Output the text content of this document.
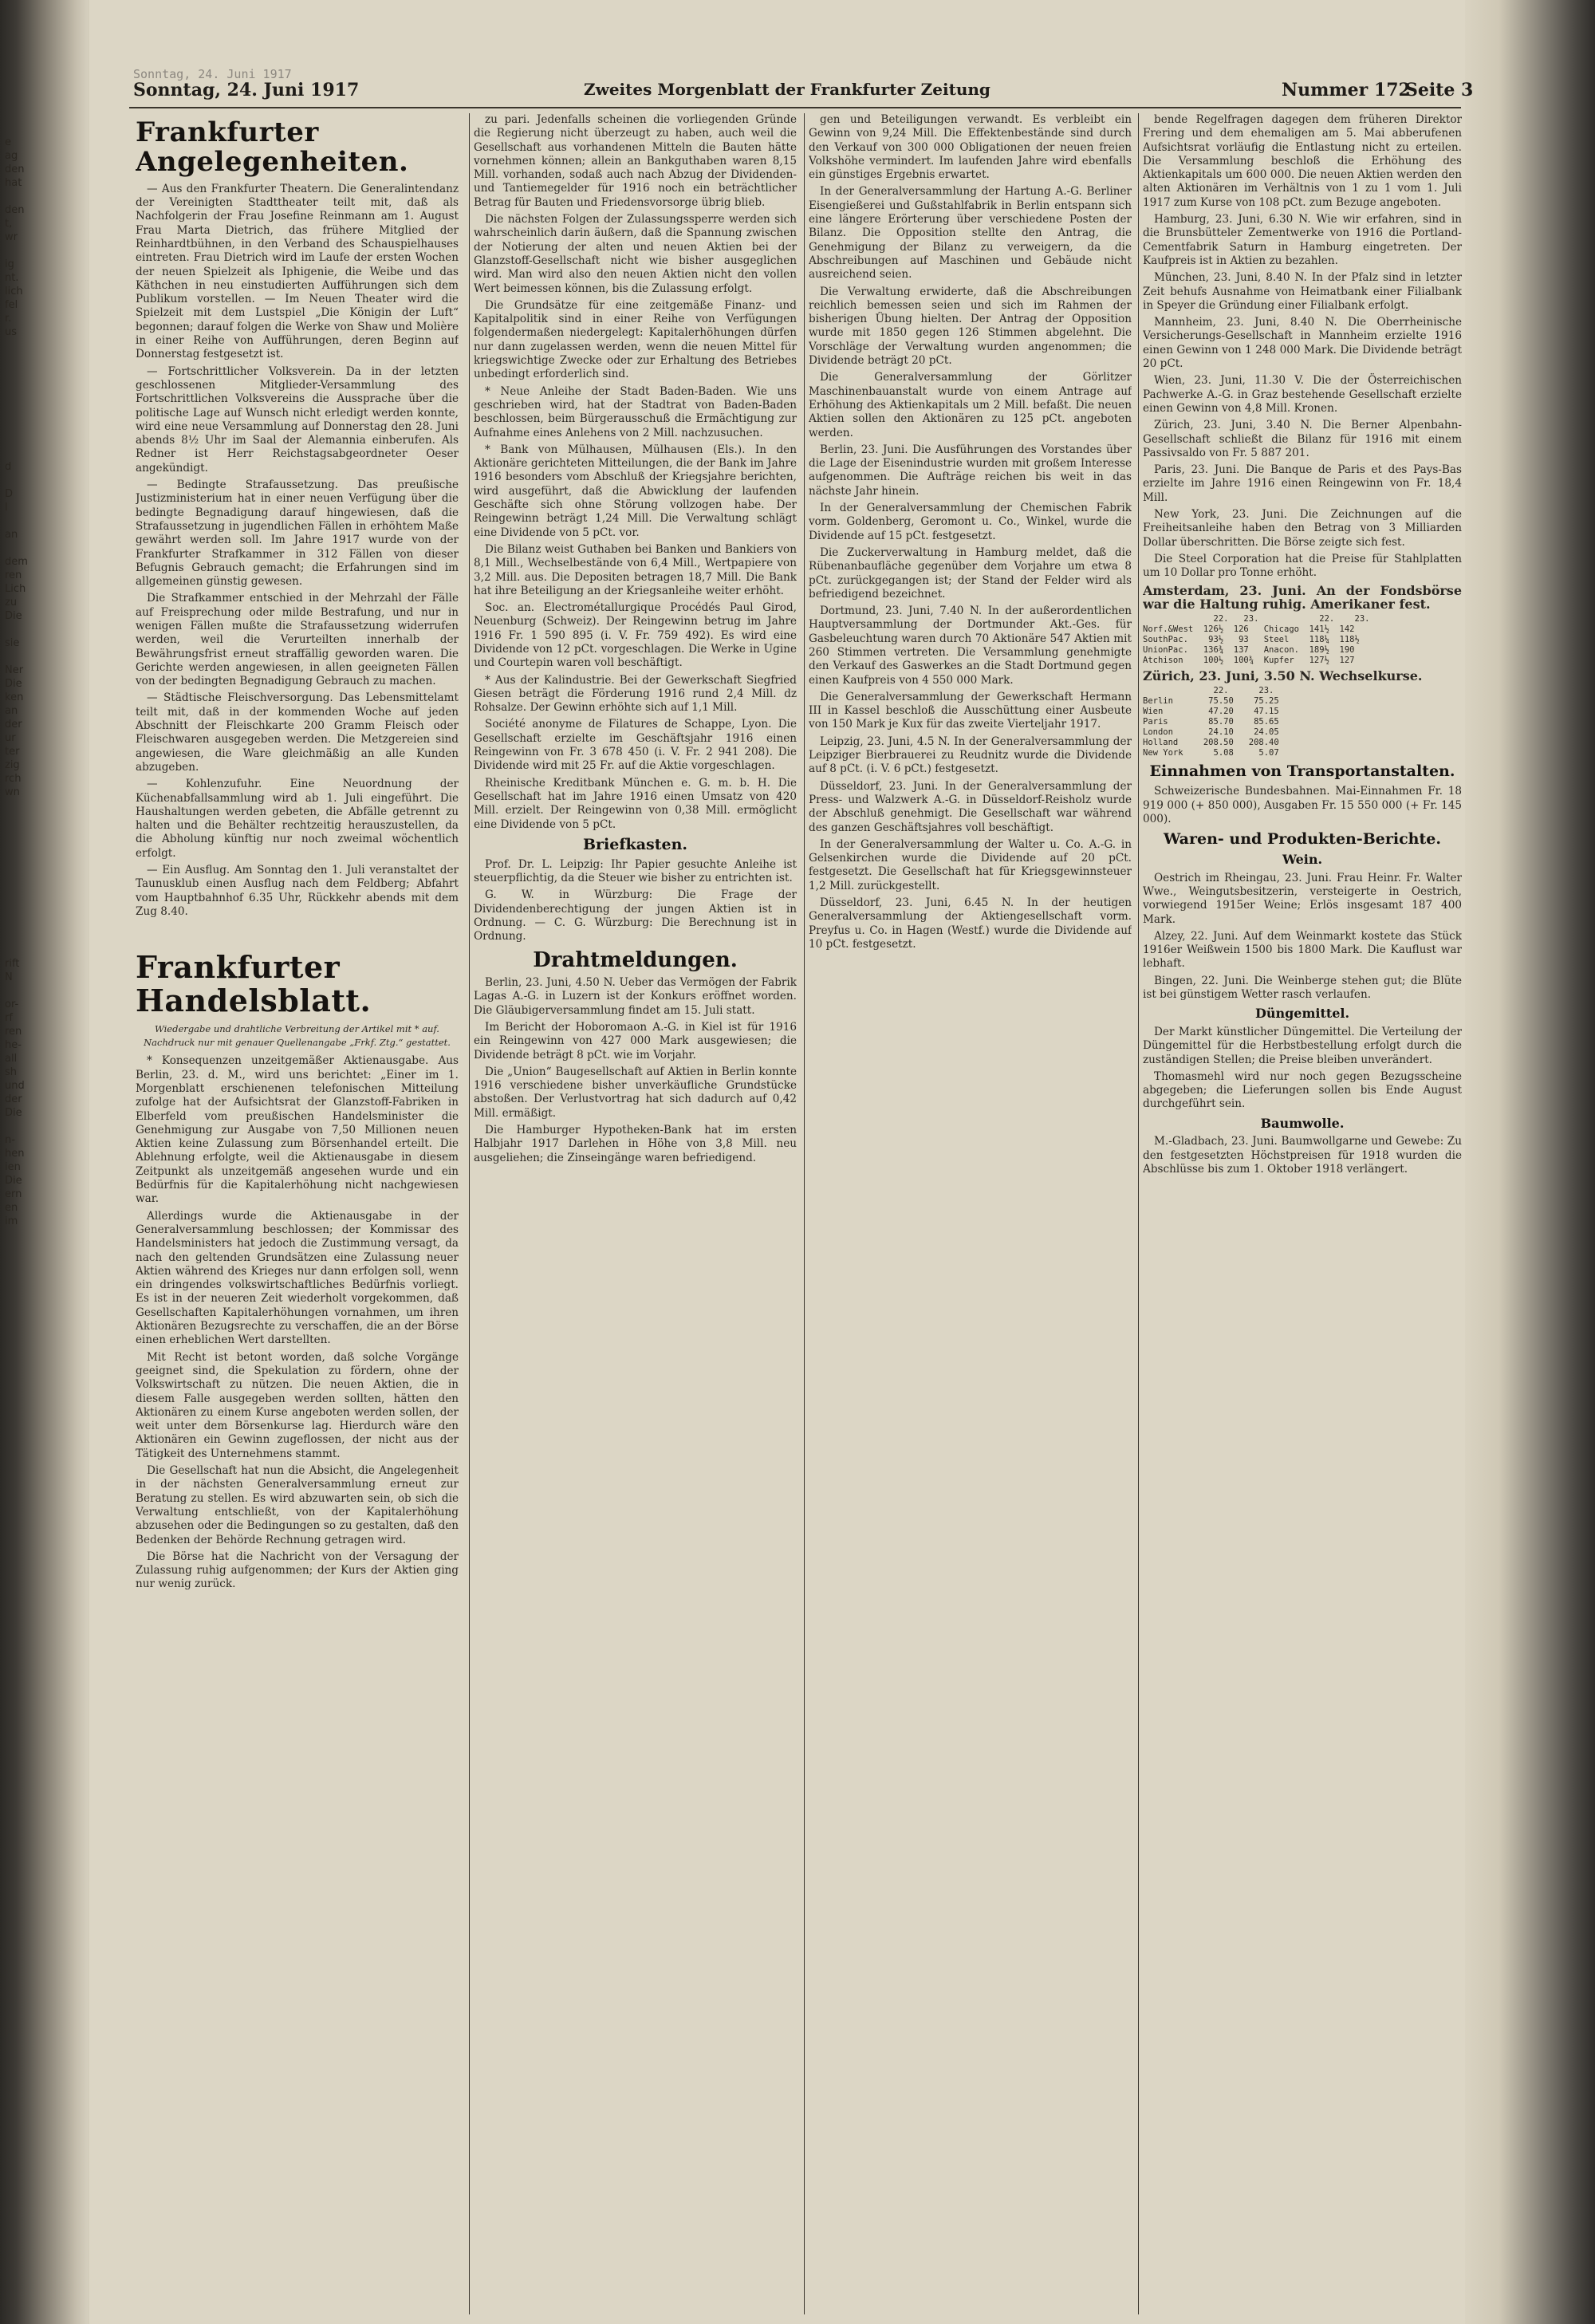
e
ag
den
hat

den
t,
wr

ig
nt.
lich
fel
r.
us

d

D
l

an

dem
ren
Lich
zu
Die

sie

Ner
Die
ken
an
der
ur
ter
zig
rch
wn
rift
N

or-
rf
ren
he-
all
sh
und
der
Die

n-
hen
ien
Die
ern
en
im
Sonntag, 24. Juni 1917
Sonntag, 24. Juni 1917	Zweites Morgenblatt der Frankfurter Zeitung	Nummer 172
Seite 3
Frankfurter Angelegenheiten.

— Aus den Frankfurter Theatern. Die Generalintendanz der Vereinigten Stadttheater teilt mit, daß als Nachfolgerin der Frau Josefine Reinmann am 1. August Frau Marta Dietrich, das frühere Mitglied der Reinhardtbühnen, in den Verband des Schauspielhauses eintreten. Frau Dietrich wird im Laufe der ersten Wochen der neuen Spielzeit als Iphigenie, die Weibe und das Käthchen in neu einstudierten Aufführungen sich dem Publikum vorstellen. — Im Neuen Theater wird die Spielzeit mit dem Lustspiel „Die Königin der Luft“ begonnen; darauf folgen die Werke von Shaw und Molière in einer Reihe von Aufführungen, deren Beginn auf Donnerstag festgesetzt ist.

— Fortschrittlicher Volksverein. Da in der letzten geschlossenen Mitglieder-Versammlung des Fortschrittlichen Volksvereins die Aussprache über die politische Lage auf Wunsch nicht erledigt werden konnte, wird eine neue Versammlung auf Donnerstag den 28. Juni abends 8½ Uhr im Saal der Alemannia einberufen. Als Redner ist Herr Reichstagsabgeordneter Oeser angekündigt.

— Bedingte Strafaussetzung. Das preußische Justizministerium hat in einer neuen Verfügung über die bedingte Begnadigung darauf hingewiesen, daß die Strafaussetzung in jugendlichen Fällen in erhöhtem Maße gewährt werden soll. Im Jahre 1917 wurde von der Frankfurter Strafkammer in 312 Fällen von dieser Befugnis Gebrauch gemacht; die Erfahrungen sind im allgemeinen günstig gewesen.

Die Strafkammer entschied in der Mehrzahl der Fälle auf Freisprechung oder milde Bestrafung, und nur in wenigen Fällen mußte die Strafaussetzung widerrufen werden, weil die Verurteilten innerhalb der Bewährungsfrist erneut straffällig geworden waren. Die Gerichte werden angewiesen, in allen geeigneten Fällen von der bedingten Begnadigung Gebrauch zu machen.

— Städtische Fleischversorgung. Das Lebensmittelamt teilt mit, daß in der kommenden Woche auf jeden Abschnitt der Fleischkarte 200 Gramm Fleisch oder Fleischwaren ausgegeben werden. Die Metzgereien sind angewiesen, die Ware gleichmäßig an alle Kunden abzugeben.

— Kohlenzufuhr. Eine Neuordnung der Küchenabfallsammlung wird ab 1. Juli eingeführt. Die Haushaltungen werden gebeten, die Abfälle getrennt zu halten und die Behälter rechtzeitig herauszustellen, da die Abholung künftig nur noch zweimal wöchentlich erfolgt.

— Ein Ausflug. Am Sonntag den 1. Juli veranstaltet der Taunusklub einen Ausflug nach dem Feldberg; Abfahrt vom Hauptbahnhof 6.35 Uhr, Rückkehr abends mit dem Zug 8.40.

Frankfurter Handelsblatt.
Wiedergabe und drahtliche Verbreitung der Artikel mit * auf. Nachdruck nur mit genauer Quellenangabe „Frkf. Ztg.“ gestattet.

* Konsequenzen unzeitgemäßer Aktienausgabe. Aus Berlin, 23. d. M., wird uns berichtet: „Einer im 1. Morgenblatt erschienenen telefonischen Mitteilung zufolge hat der Aufsichtsrat der Glanzstoff-Fabriken in Elberfeld vom preußischen Handelsminister die Genehmigung zur Ausgabe von 7,50 Millionen neuen Aktien keine Zulassung zum Börsenhandel erteilt. Die Ablehnung erfolgte, weil die Aktienausgabe in diesem Zeitpunkt als unzeitgemäß angesehen wurde und ein Bedürfnis für die Kapitalerhöhung nicht nachgewiesen war.

Allerdings wurde die Aktienausgabe in der Generalversammlung beschlossen; der Kommissar des Handelsministers hat jedoch die Zustimmung versagt, da nach den geltenden Grundsätzen eine Zulassung neuer Aktien während des Krieges nur dann erfolgen soll, wenn ein dringendes volkswirtschaftliches Bedürfnis vorliegt. Es ist in der neueren Zeit wiederholt vorgekommen, daß Gesellschaften Kapitalerhöhungen vornahmen, um ihren Aktionären Bezugsrechte zu verschaffen, die an der Börse einen erheblichen Wert darstellten.

Mit Recht ist betont worden, daß solche Vorgänge geeignet sind, die Spekulation zu fördern, ohne der Volkswirtschaft zu nützen. Die neuen Aktien, die in diesem Falle ausgegeben werden sollten, hätten den Aktionären zu einem Kurse angeboten werden sollen, der weit unter dem Börsenkurse lag. Hierdurch wäre den Aktionären ein Gewinn zugeflossen, der nicht aus der Tätigkeit des Unternehmens stammt.

Die Gesellschaft hat nun die Absicht, die Angelegenheit in der nächsten Generalversammlung erneut zur Beratung zu stellen. Es wird abzuwarten sein, ob sich die Verwaltung entschließt, von der Kapitalerhöhung abzusehen oder die Bedingungen so zu gestalten, daß den Bedenken der Behörde Rechnung getragen wird.

Die Börse hat die Nachricht von der Versagung der Zulassung ruhig aufgenommen; der Kurs der Aktien ging nur wenig zurück.

zu pari. Jedenfalls scheinen die vorliegenden Gründe die Regierung nicht überzeugt zu haben, auch weil die Gesellschaft aus vorhandenen Mitteln die Bauten hätte vornehmen können; allein an Bankguthaben waren 8,15 Mill. vorhanden, sodaß auch nach Abzug der Dividenden- und Tantiemegelder für 1916 noch ein beträchtlicher Betrag für Bauten und Friedensvorsorge übrig blieb.

Die nächsten Folgen der Zulassungssperre werden sich wahrscheinlich darin äußern, daß die Spannung zwischen der Notierung der alten und neuen Aktien bei der Glanzstoff-Gesellschaft nicht wie bisher ausgeglichen wird. Man wird also den neuen Aktien nicht den vollen Wert beimessen können, bis die Zulassung erfolgt.

Die Grundsätze für eine zeitgemäße Finanz- und Kapitalpolitik sind in einer Reihe von Verfügungen folgendermaßen niedergelegt: Kapitalerhöhungen dürfen nur dann zugelassen werden, wenn die neuen Mittel für kriegswichtige Zwecke oder zur Erhaltung des Betriebes unbedingt erforderlich sind.

* Neue Anleihe der Stadt Baden-Baden. Wie uns geschrieben wird, hat der Stadtrat von Baden-Baden beschlossen, beim Bürgerausschuß die Ermächtigung zur Aufnahme eines Anlehens von 2 Mill. nachzusuchen.

* Bank von Mülhausen, Mülhausen (Els.). In den Aktionäre gerichteten Mitteilungen, die der Bank im Jahre 1916 besonders vom Abschluß der Kriegsjahre berichten, wird ausgeführt, daß die Abwicklung der laufenden Geschäfte sich ohne Störung vollzogen habe. Der Reingewinn beträgt 1,24 Mill. Die Verwaltung schlägt eine Dividende von 5 pCt. vor.

Die Bilanz weist Guthaben bei Banken und Bankiers von 8,1 Mill., Wechselbestände von 6,4 Mill., Wertpapiere von 3,2 Mill. aus. Die Depositen betragen 18,7 Mill. Die Bank hat ihre Beteiligung an der Kriegsanleihe weiter erhöht.

Soc. an. Electrométallurgique Procédés Paul Girod, Neuenburg (Schweiz). Der Reingewinn betrug im Jahre 1916 Fr. 1 590 895 (i. V. Fr. 759 492). Es wird eine Dividende von 12 pCt. vorgeschlagen. Die Werke in Ugine und Courtepin waren voll beschäftigt.

* Aus der Kalindustrie. Bei der Gewerkschaft Siegfried Giesen beträgt die Förderung 1916 rund 2,4 Mill. dz Rohsalze. Der Gewinn erhöhte sich auf 1,1 Mill.

Société anonyme de Filatures de Schappe, Lyon. Die Gesellschaft erzielte im Geschäftsjahr 1916 einen Reingewinn von Fr. 3 678 450 (i. V. Fr. 2 941 208). Die Dividende wird mit 25 Fr. auf die Aktie vorgeschlagen.

Rheinische Kreditbank München e. G. m. b. H. Die Gesellschaft hat im Jahre 1916 einen Umsatz von 420 Mill. erzielt. Der Reingewinn von 0,38 Mill. ermöglicht eine Dividende von 5 pCt.

Briefkasten.

Prof. Dr. L. Leipzig: Ihr Papier gesuchte Anleihe ist steuerpflichtig, da die Steuer wie bisher zu entrichten ist.

G. W. in Würzburg: Die Frage der Dividendenberechtigung der jungen Aktien ist in Ordnung. — C. G. Würzburg: Die Berechnung ist in Ordnung.

Drahtmeldungen.

Berlin, 23. Juni, 4.50 N. Ueber das Vermögen der Fabrik Lagas A.-G. in Luzern ist der Konkurs eröffnet worden. Die Gläubigerversammlung findet am 15. Juli statt.

Im Bericht der Hoboromaon A.-G. in Kiel ist für 1916 ein Reingewinn von 427 000 Mark ausgewiesen; die Dividende beträgt 8 pCt. wie im Vorjahr.

Die „Union“ Baugesellschaft auf Aktien in Berlin konnte 1916 verschiedene bisher unverkäufliche Grundstücke abstoßen. Der Verlustvortrag hat sich dadurch auf 0,42 Mill. ermäßigt.

Die Hamburger Hypotheken-Bank hat im ersten Halbjahr 1917 Darlehen in Höhe von 3,8 Mill. neu ausgeliehen; die Zinseingänge waren befriedigend.

gen und Beteiligungen verwandt. Es verbleibt ein Gewinn von 9,24 Mill. Die Effektenbestände sind durch den Verkauf von 300 000 Obligationen der neuen freien Volkshöhe vermindert. Im laufenden Jahre wird ebenfalls ein günstiges Ergebnis erwartet.

In der Generalversammlung der Hartung A.-G. Berliner Eisengießerei und Gußstahlfabrik in Berlin entspann sich eine längere Erörterung über verschiedene Posten der Bilanz. Die Opposition stellte den Antrag, die Genehmigung der Bilanz zu verweigern, da die Abschreibungen auf Maschinen und Gebäude nicht ausreichend seien.

Die Verwaltung erwiderte, daß die Abschreibungen reichlich bemessen seien und sich im Rahmen der bisherigen Übung hielten. Der Antrag der Opposition wurde mit 1850 gegen 126 Stimmen abgelehnt. Die Vorschläge der Verwaltung wurden angenommen; die Dividende beträgt 20 pCt.

Die Generalversammlung der Görlitzer Maschinenbauanstalt wurde von einem Antrage auf Erhöhung des Aktienkapitals um 2 Mill. befaßt. Die neuen Aktien sollen den Aktionären zu 125 pCt. angeboten werden.

Berlin, 23. Juni. Die Ausführungen des Vorstandes über die Lage der Eisenindustrie wurden mit großem Interesse aufgenommen. Die Aufträge reichen bis weit in das nächste Jahr hinein.

In der Generalversammlung der Chemischen Fabrik vorm. Goldenberg, Geromont u. Co., Winkel, wurde die Dividende auf 15 pCt. festgesetzt.

Die Zuckerverwaltung in Hamburg meldet, daß die Rübenanbaufläche gegenüber dem Vorjahre um etwa 8 pCt. zurückgegangen ist; der Stand der Felder wird als befriedigend bezeichnet.

Dortmund, 23. Juni, 7.40 N. In der außerordentlichen Hauptversammlung der Dortmunder Akt.-Ges. für Gasbeleuchtung waren durch 70 Aktionäre 547 Aktien mit 260 Stimmen vertreten. Die Versammlung genehmigte den Verkauf des Gaswerkes an die Stadt Dortmund gegen einen Kaufpreis von 4 550 000 Mark.

Die Generalversammlung der Gewerkschaft Hermann III in Kassel beschloß die Ausschüttung einer Ausbeute von 150 Mark je Kux für das zweite Vierteljahr 1917.

Leipzig, 23. Juni, 4.5 N. In der Generalversammlung der Leipziger Bierbrauerei zu Reudnitz wurde die Dividende auf 8 pCt. (i. V. 6 pCt.) festgesetzt.

Düsseldorf, 23. Juni. In der Generalversammlung der Press- und Walzwerk A.-G. in Düsseldorf-Reisholz wurde der Abschluß genehmigt. Die Gesellschaft war während des ganzen Geschäftsjahres voll beschäftigt.

In der Generalversammlung der Walter u. Co. A.-G. in Gelsenkirchen wurde die Dividende auf 20 pCt. festgesetzt. Die Gesellschaft hat für Kriegsgewinnsteuer 1,2 Mill. zurückgestellt.

Düsseldorf, 23. Juni, 6.45 N. In der heutigen Generalversammlung der Aktiengesellschaft vorm. Preyfus u. Co. in Hagen (Westf.) wurde die Dividende auf 10 pCt. festgesetzt.

bende Regelfragen dagegen dem früheren Direktor Frering und dem ehemaligen am 5. Mai abberufenen Aufsichtsrat vorläufig die Entlastung nicht zu erteilen. Die Versammlung beschloß die Erhöhung des Aktienkapitals um 600 000. Die neuen Aktien werden den alten Aktionären im Verhältnis von 1 zu 1 vom 1. Juli 1917 zum Kurse von 108 pCt. zum Bezuge angeboten.

Hamburg, 23. Juni, 6.30 N. Wie wir erfahren, sind in die Brunsbütteler Zementwerke von 1916 die Portland-Cementfabrik Saturn in Hamburg eingetreten. Der Kaufpreis ist in Aktien zu bezahlen.

München, 23. Juni, 8.40 N. In der Pfalz sind in letzter Zeit behufs Ausnahme von Heimatbank einer Filialbank in Speyer die Gründung einer Filialbank erfolgt.

Mannheim, 23. Juni, 8.40 N. Die Oberrheinische Versicherungs-Gesellschaft in Mannheim erzielte 1916 einen Gewinn von 1 248 000 Mark. Die Dividende beträgt 20 pCt.

Wien, 23. Juni, 11.30 V. Die der Österreichischen Pachwerke A.-G. in Graz bestehende Gesellschaft erzielte einen Gewinn von 4,8 Mill. Kronen.

Zürich, 23. Juni, 3.40 N. Die Berner Alpenbahn-Gesellschaft schließt die Bilanz für 1916 mit einem Passivsaldo von Fr. 5 887 201.

Paris, 23. Juni. Die Banque de Paris et des Pays-Bas erzielte im Jahre 1916 einen Reingewinn von Fr. 18,4 Mill.

New York, 23. Juni. Die Zeichnungen auf die Freiheitsanleihe haben den Betrag von 3 Milliarden Dollar überschritten. Die Börse zeigte sich fest.

Die Steel Corporation hat die Preise für Stahlplatten um 10 Dollar pro Tonne erhöht.

Amsterdam, 23. Juni. An der Fondsbörse war die Haltung ruhig. Amerikaner fest.

22.   23.            22.    23.
Norf.&West  126½  126   Chicago  141½  142
SouthPac.    93½   93   Steel    118¼  118½
UnionPac.   136¾  137   Anacon.  189½  190
Atchison    100½  100¾  Kupfer   127½  127

Zürich, 23. Juni, 3.50 N. Wechselkurse.

22.      23.
Berlin       75.50    75.25
Wien         47.20    47.15
Paris        85.70    85.65
London       24.10    24.05
Holland     208.50   208.40
New York      5.08     5.07
Einnahmen von Transportanstalten.

Schweizerische Bundesbahnen. Mai-Einnahmen Fr. 18 919 000 (+ 850 000), Ausgaben Fr. 15 550 000 (+ Fr. 145 000).

Waren- und Produkten-Berichte.
Wein.

Oestrich im Rheingau, 23. Juni. Frau Heinr. Fr. Walter Wwe., Weingutsbesitzerin, versteigerte in Oestrich, vorwiegend 1915er Weine; Erlös insgesamt 187 400 Mark.

Alzey, 22. Juni. Auf dem Weinmarkt kostete das Stück 1916er Weißwein 1500 bis 1800 Mark. Die Kauflust war lebhaft.

Bingen, 22. Juni. Die Weinberge stehen gut; die Blüte ist bei günstigem Wetter rasch verlaufen.

Düngemittel.

Der Markt künstlicher Düngemittel. Die Verteilung der Düngemittel für die Herbstbestellung erfolgt durch die zuständigen Stellen; die Preise bleiben unverändert.

Thomasmehl wird nur noch gegen Bezugsscheine abgegeben; die Lieferungen sollen bis Ende August durchgeführt sein.

Baumwolle.

M.-Gladbach, 23. Juni. Baumwollgarne und Gewebe: Zu den festgesetzten Höchstpreisen für 1918 wurden die Abschlüsse bis zum 1. Oktober 1918 verlängert.
